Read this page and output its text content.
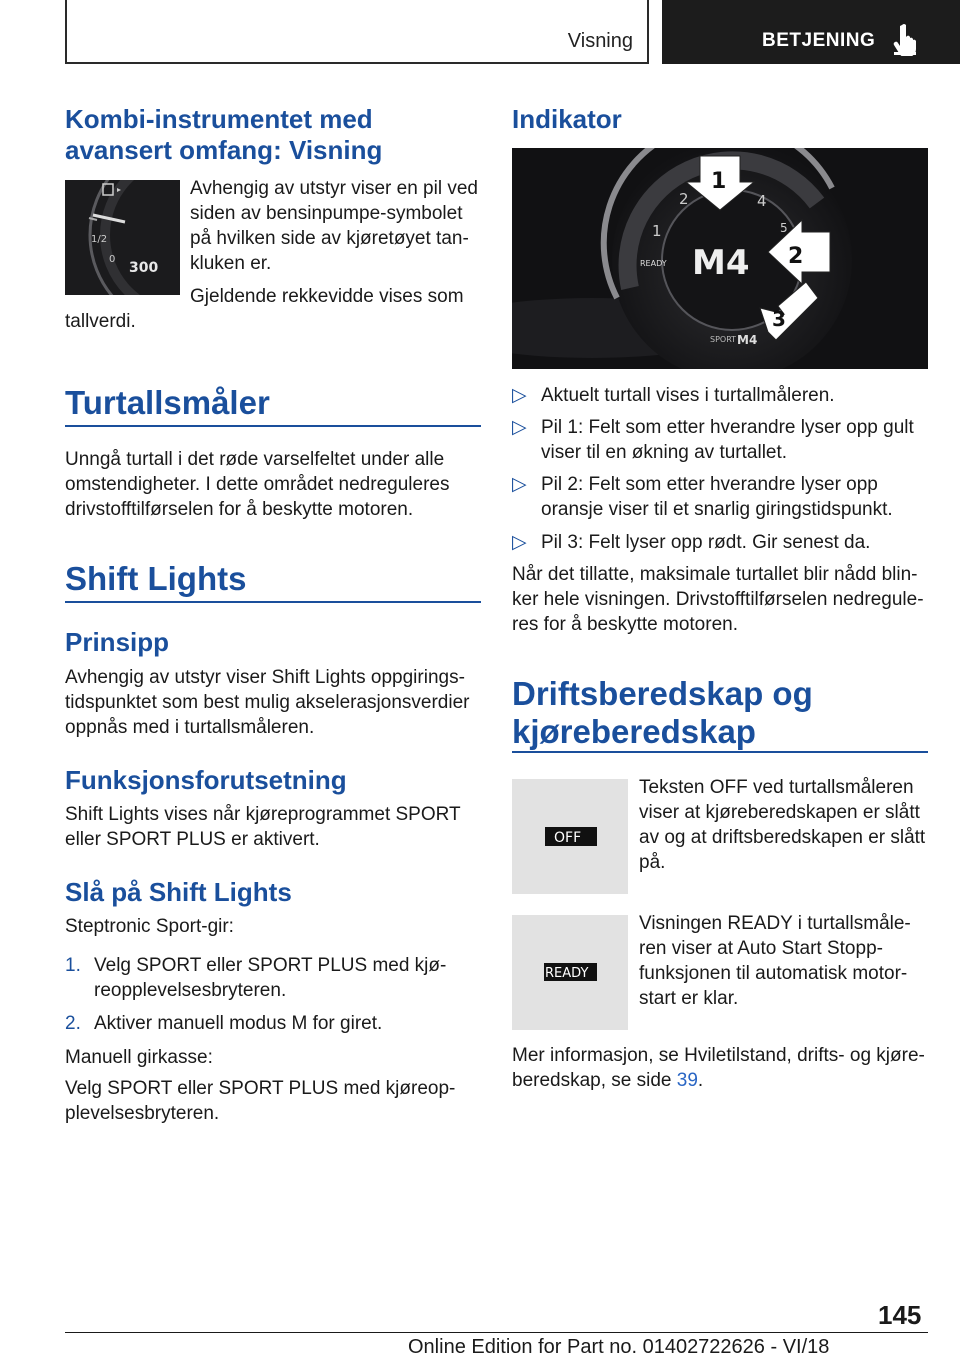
Visning	BETJENING
Kombi-instrumentet med
avansert omfang: Visning
1/2
0
300
Avhengig av utstyr viser en pil ved
siden av bensinpumpe-symbolet
på hvilken side av kjøretøyet tan-
kluken er.
Gjeldende rekkevidde vises som
tallverdi.
Turtallsmåler
Unngå turtall i det røde varselfeltet under alle
omstendigheter. I dette området nedreguleres
drivstofftilførselen for å beskytte motoren.
Shift Lights
Prinsipp
Avhengig av utstyr viser Shift Lights oppgirings-
tidspunktet som best mulig akselerasjonsverdier
oppnås med i turtallsmåleren.
Funksjonsforutsetning
Shift Lights vises når kjøreprogrammet SPORT
eller SPORT PLUS er aktivert.
Slå på Shift Lights
Steptronic Sport-gir:
1. Velg SPORT eller SPORT PLUS med kjø-
reopplevelsesbryteren.
2. Aktiver manuell modus M for giret.
Manuell girkasse:
Velg SPORT eller SPORT PLUS med kjøreop-
plevelsesbryteren.
Indikator
M4
READY
1
2	4
5
SPORT M4
1
2
3
▷ Aktuelt turtall vises i turtallmåleren.
▷ Pil 1: Felt som etter hverandre lyser opp gult
viser til en økning av turtallet.
▷ Pil 2: Felt som etter hverandre lyser opp
oransje viser til et snarlig giringstidspunkt.
▷ Pil 3: Felt lyser opp rødt. Gir senest da.
Når det tillatte, maksimale turtallet blir nådd blin-
ker hele visningen. Drivstofftilførselen nedregule-
res for å beskytte motoren.
Driftsberedskap og
kjøreberedskap
OFF
Teksten OFF ved turtallsmåleren
viser at kjøreberedskapen er slått
av og at driftsberedskapen er slått
på.
READY
Visningen READY i turtallsmåle-
ren viser at Auto Start Stopp-
funksjonen til automatisk motor-
start er klar.
Mer informasjon, se Hviletilstand, drifts- og kjøre-
beredskap, se side 39.
145
Online Edition for Part no. 01402722626 - VI/18
